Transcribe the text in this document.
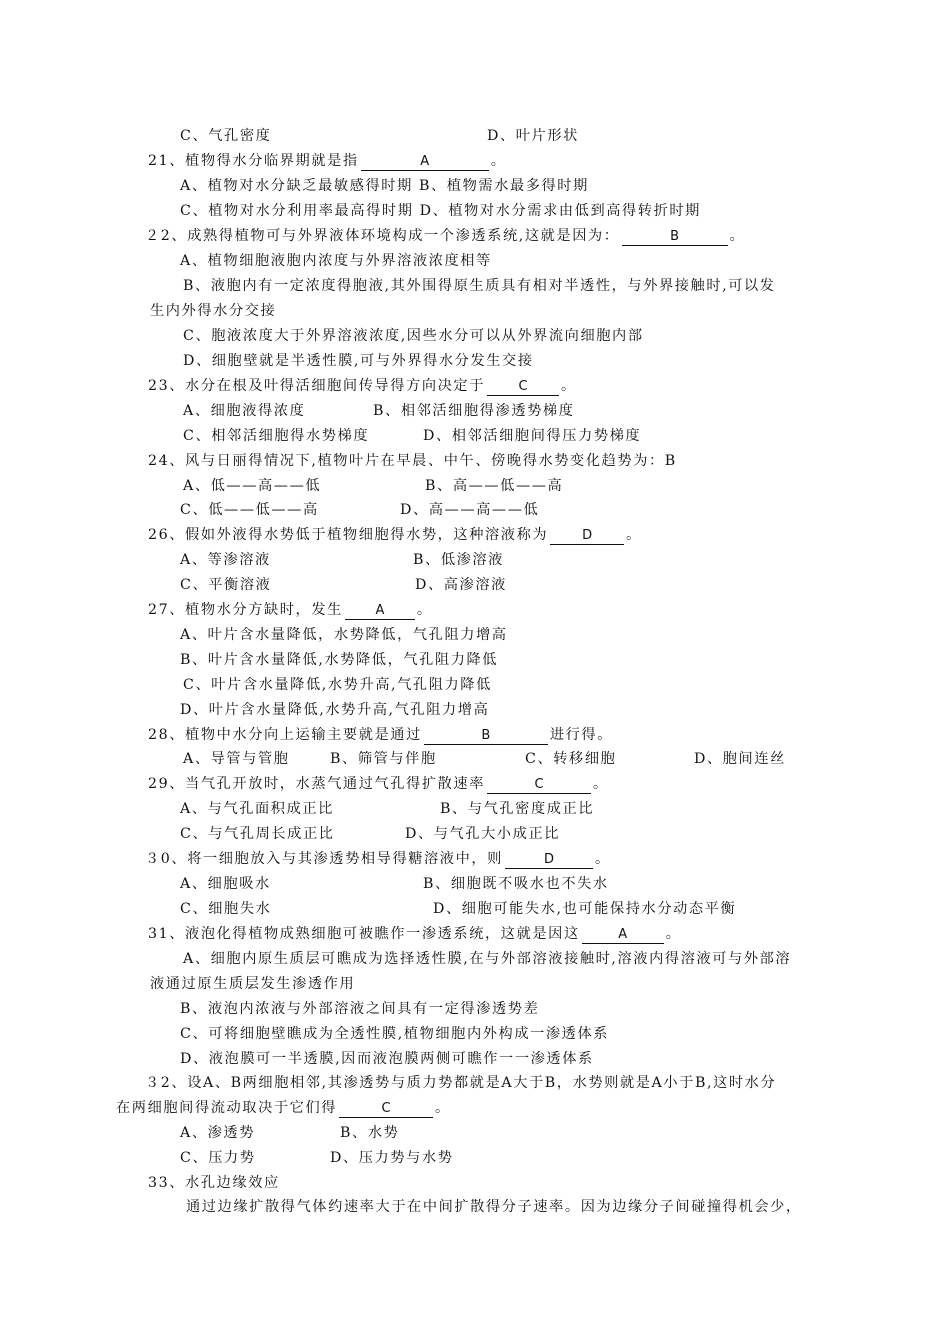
C、气孔密度	D、叶片形状
21、植物得水分临界期就是指	A	。
A、植物对水分缺乏最敏感得时期 B、植物需水最多得时期
C、植物对水分利用率最高得时期 D、植物对水分需求由低到高得转折时期
２2、成熟得植物可与外界液体环境构成一个渗透系统,这就是因为：	B	。
A、植物细胞液胞内浓度与外界溶液浓度相等
B、液胞内有一定浓度得胞液,其外围得原生质具有相对半透性，与外界接触时,可以发
生内外得水分交接
C、胞液浓度大于外界溶液浓度,因些水分可以从外界流向细胞内部
D、细胞壁就是半透性膜,可与外界得水分发生交接
23、水分在根及叶得活细胞间传导得方向决定于	C 。
A、细胞液得浓度	B、相邻活细胞得渗透势梯度
C、相邻活细胞得水势梯度	D、相邻活细胞间得压力势梯度
24、风与日丽得情况下,植物叶片在早晨、中午、傍晚得水势变化趋势为：B
A、低——高——低	B、高——低——高
C、低——低——高	D、高——高——低
26、假如外液得水势低于植物细胞得水势，这种溶液称为	D 。
A、等渗溶液	B、低渗溶液
C、平衡溶液	D、高渗溶液
27、植物水分方缺时，发生	A 。
A、叶片含水量降低，水势降低，气孔阻力增高
B、叶片含水量降低,水势降低，气孔阻力降低
C、叶片含水量降低,水势升高,气孔阻力降低
D、叶片含水量降低,水势升高,气孔阻力增高
28、植物中水分向上运输主要就是通过	B	进行得。
A、导管与管胞	B、筛管与伴胞	C、转移细胞	D、胞间连丝
29、当气孔开放时，水蒸气通过气孔得扩散速率	C	。
A、与气孔面积成正比	B、与气孔密度成正比
C、与气孔周长成正比	D、与气孔大小成正比
３0、将一细胞放入与其渗透势相导得糖溶液中，则	D	。
A、细胞吸水	B、细胞既不吸水也不失水
C、细胞失水	D、细胞可能失水,也可能保持水分动态平衡
31、液泡化得植物成熟细胞可被瞧作一渗透系统，这就是因这	A	。
A、细胞内原生质层可瞧成为选择透性膜,在与外部溶液接触时,溶液内得溶液可与外部溶
液通过原生质层发生渗透作用
B、液泡内浓液与外部溶液之间具有一定得渗透势差
C、可将细胞壁瞧成为全透性膜,植物细胞内外构成一渗透体系
D、液泡膜可一半透膜,因而液泡膜两侧可瞧作一一渗透体系
３2、设A、B两细胞相邻,其渗透势与质力势都就是A大于B，水势则就是A小于B,这时水分
在两细胞间得流动取决于它们得	C	。
A、渗透势	B、水势
C、压力势	D、压力势与水势
33、水孔边缘效应
通过边缘扩散得气体约速率大于在中间扩散得分子速率。因为边缘分子间碰撞得机会少，
